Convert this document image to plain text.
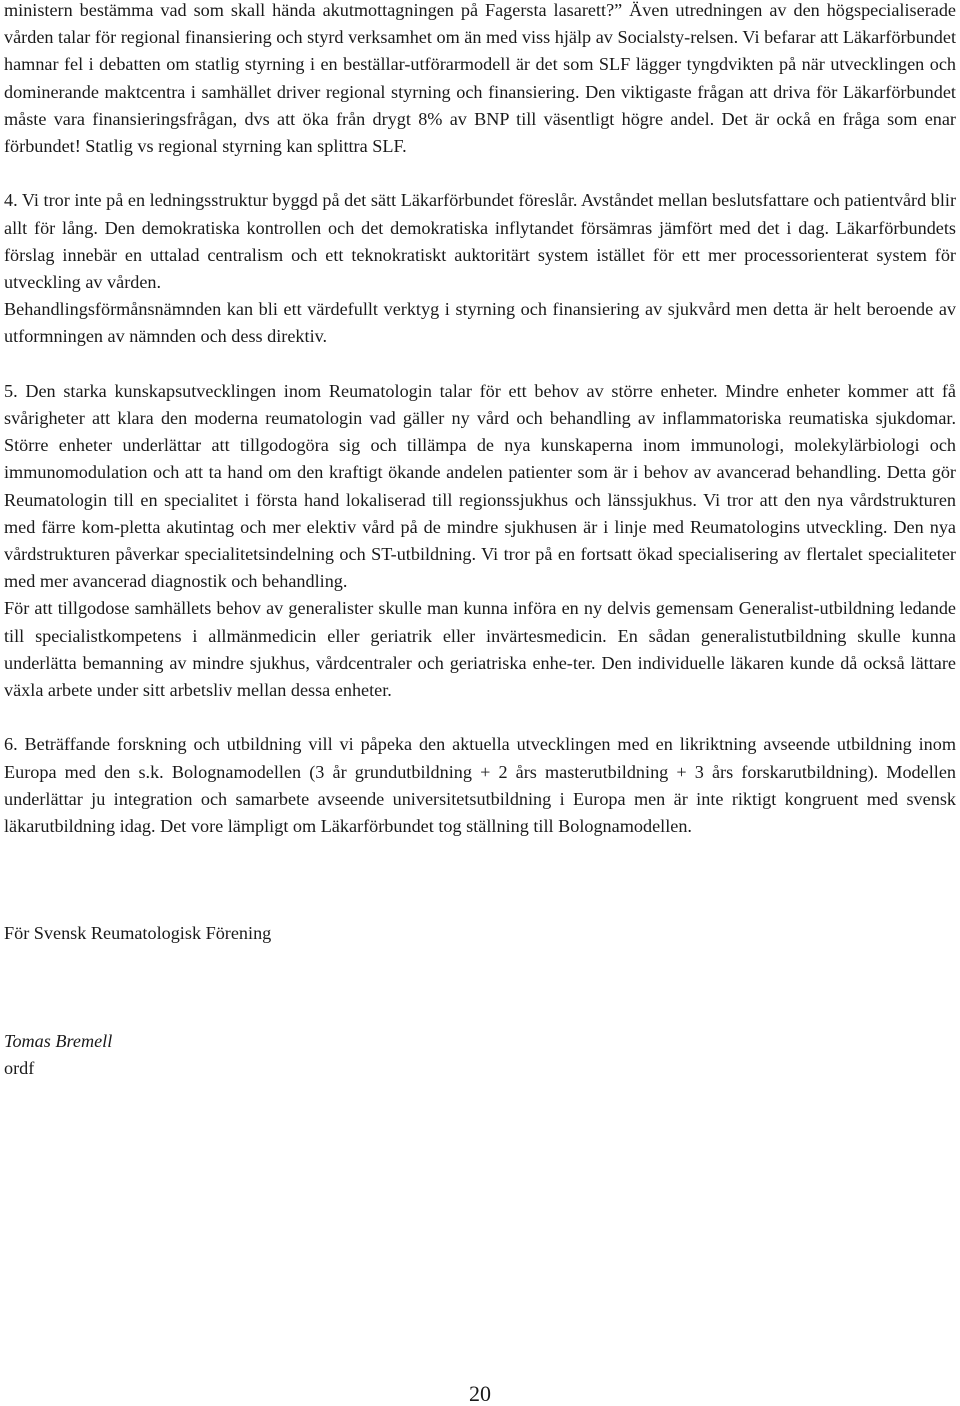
ministern bestämma vad som skall hända akutmottagningen på Fagersta lasarett?” Även utredningen av den högspecialiserade vården talar för regional finansiering och styrd verksamhet om än med viss hjälp av Socialsty-relsen. Vi befarar att Läkarförbundet hamnar fel i debatten om statlig styrning i en beställar-utförarmodell är det som SLF lägger tyngdvikten på när utvecklingen och dominerande maktcentra i samhället driver regional styrning och finansiering. Den viktigaste frågan att driva för Läkarförbundet måste vara finansieringsfrågan, dvs att öka från drygt 8% av BNP till väsentligt högre andel. Det är ockå en fråga som enar förbundet! Statlig vs regional styrning kan splittra SLF.

4. Vi tror inte på en ledningsstruktur byggd på det sätt Läkarförbundet föreslår. Avståndet mellan beslutsfattare och patientvård blir allt för lång. Den demokratiska kontrollen och det demokratiska inflytandet försämras jämfört med det i dag. Läkarförbundets förslag innebär en uttalad centralism och ett teknokratiskt auktoritärt system istället för ett mer processorienterat system för utveckling av vården.

Behandlingsförmånsnämnden kan bli ett värdefullt verktyg i styrning och finansiering av sjukvård men detta är helt beroende av utformningen av nämnden och dess direktiv.

5. Den starka kunskapsutvecklingen inom Reumatologin talar för ett behov av större enheter. Mindre enheter kommer att få svårigheter att klara den moderna reumatologin vad gäller ny vård och behandling av inflammatoriska reumatiska sjukdomar. Större enheter underlättar att tillgodogöra sig och tillämpa de nya kunskaperna inom immunologi, molekylärbiologi och immunomodulation och att ta hand om den kraftigt ökande andelen patienter som är i behov av avancerad behandling. Detta gör Reumatologin till en specialitet i första hand lokaliserad till regionssjukhus och länssjukhus. Vi tror att den nya vårdstrukturen med färre kom-pletta akutintag och mer elektiv vård på de mindre sjukhusen är i linje med Reumatologins utveckling. Den nya vårdstrukturen påverkar specialitetsindelning och ST-utbildning. Vi tror på en fortsatt ökad specialisering av flertalet specialiteter med mer avancerad diagnostik och behandling.

För att tillgodose samhällets behov av generalister skulle man kunna införa en ny delvis gemensam Generalist-utbildning ledande till specialistkompetens i allmänmedicin eller geriatrik eller invärtesmedicin. En sådan generalistutbildning skulle kunna underlätta bemanning av mindre sjukhus, vårdcentraler och geriatriska enhe-ter. Den individuelle läkaren kunde då också lättare växla arbete under sitt arbetsliv mellan dessa enheter.

6. Beträffande forskning och utbildning vill vi påpeka den aktuella utvecklingen med en likriktning avseende utbildning inom Europa med den s.k. Bolognamodellen (3 år grundutbildning + 2 års masterutbildning + 3 års forskarutbildning). Modellen underlättar ju integration och samarbete avseende universitetsutbildning i Europa men är inte riktigt kongruent med svensk läkarutbildning idag. Det vore lämpligt om Läkarförbundet tog ställning till Bolognamodellen.

För Svensk Reumatologisk Förening

Tomas Bremell

ordf

20
